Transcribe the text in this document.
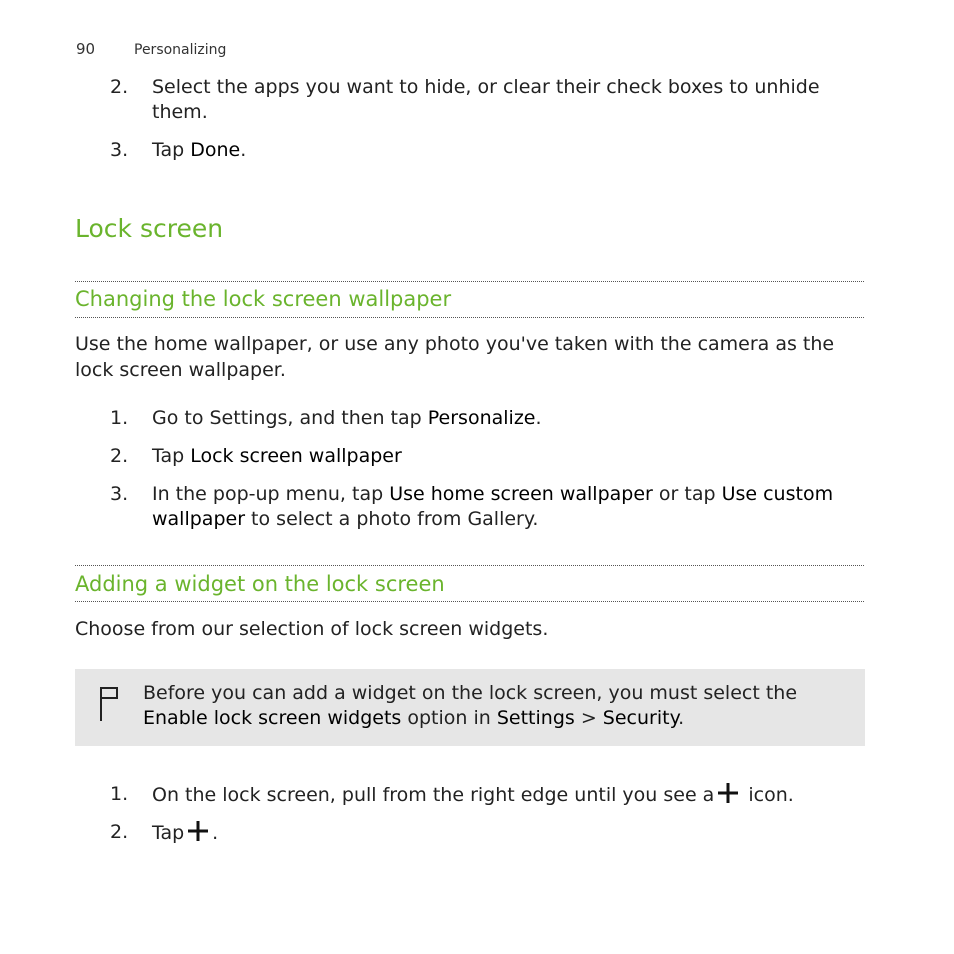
90	Personalizing
2. Select the apps you want to hide, or clear their check boxes to unhide them.
3. Tap Done.
Lock screen
Changing the lock screen wallpaper
Use the home wallpaper, or use any photo you've taken with the camera as the lock screen wallpaper.
1. Go to Settings, and then tap Personalize.
2. Tap Lock screen wallpaper
3. In the pop-up menu, tap Use home screen wallpaper or tap Use custom wallpaper to select a photo from Gallery.
Adding a widget on the lock screen
Choose from our selection of lock screen widgets.
Before you can add a widget on the lock screen, you must select the Enable lock screen widgets option in Settings > Security.
1. On the lock screen, pull from the right edge until you see a icon.
2. Tap .
